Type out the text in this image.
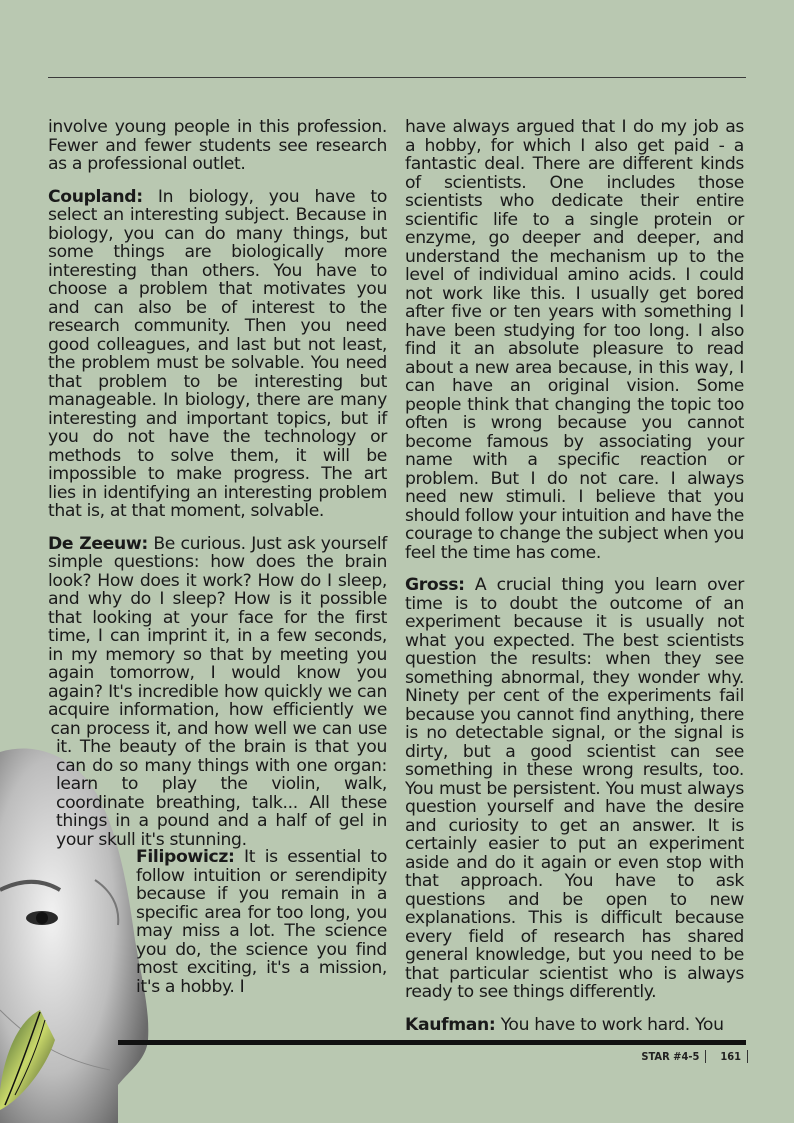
involve young people in this profession. Fewer and fewer students see research as a professional outlet.

Coupland: In biology, you have to select an interesting subject. Because in biology, you can do many things, but some things are biologically more interesting than others. You have to choose a problem that motivates you and can also be of interest to the research community. Then you need good colleagues, and last but not least, the problem must be solvable. You need that problem to be interesting but manageable. In biology, there are many interesting and important topics, but if you do not have the technology or methods to solve them, it will be impossible to make progress. The art lies in identifying an interesting problem that is, at that moment, solvable.

De Zeeuw: Be curious. Just ask yourself simple questions: how does the brain look? How does it work? How do I sleep, and why do I sleep? How is it possible that looking at your face for the first time, I can imprint it, in a few seconds, in my memory so that by meeting you again tomorrow, I would know you again? It's incredible how quickly we can acquire information, how efficiently we can process it, and how well we can use it. The beauty of the brain is that you can do so many things with one organ: learn to play the violin, walk, coordinate breathing, talk... All these things in a pound and a half of gel in your skull it's stunning.

Filipowicz: It is essential to follow intuition or serendipity because if you remain in a specific area for too long, you may miss a lot. The science you do, the science you find most exciting, it's a mission, it's a hobby. I

have always argued that I do my job as a hobby, for which I also get paid - a fantastic deal. There are different kinds of scientists. One includes those scientists who dedicate their entire scientific life to a single protein or enzyme, go deeper and deeper, and understand the mechanism up to the level of individual amino acids. I could not work like this. I usually get bored after five or ten years with something I have been studying for too long. I also find it an absolute pleasure to read about a new area because, in this way, I can have an original vision. Some people think that changing the topic too often is wrong because you cannot become famous by associating your name with a specific reaction or problem. But I do not care. I always need new stimuli. I believe that you should follow your intuition and have the courage to change the subject when you feel the time has come.

Gross: A crucial thing you learn over time is to doubt the outcome of an experiment because it is usually not what you expected. The best scientists question the results: when they see something abnormal, they wonder why. Ninety per cent of the experiments fail because you cannot find anything, there is no detectable signal, or the signal is dirty, but a good scientist can see something in these wrong results, too. You must be persistent. You must always question yourself and have the desire and curiosity to get an answer. It is certainly easier to put an experiment aside and do it again or even stop with that approach. You have to ask questions and be open to new explanations. This is difficult because every field of research has shared general knowledge, but you need to be that particular scientist who is always ready to see things differently.

Kaufman: You have to work hard. You

STAR #4-5 161
